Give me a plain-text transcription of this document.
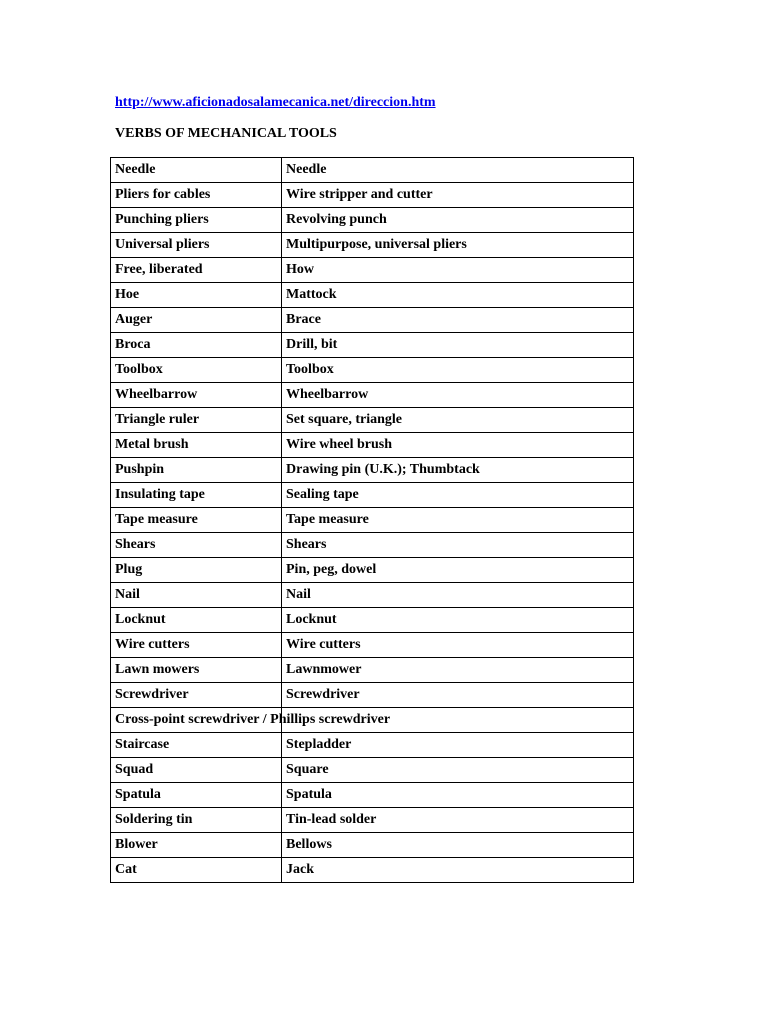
http://www.aficionadosalamecanica.net/direccion.htm
VERBS OF MECHANICAL TOOLS
Needle	Needle
Pliers for cables	Wire stripper and cutter
Punching pliers	Revolving punch
Universal pliers	Multipurpose, universal pliers
Free, liberated	How
Hoe	Mattock
Auger	Brace
Broca	Drill, bit
Toolbox	Toolbox
Wheelbarrow	Wheelbarrow
Triangle ruler	Set square, triangle
Metal brush	Wire wheel brush
Pushpin	Drawing pin (U.K.); Thumbtack
Insulating tape	Sealing tape
Tape measure	Tape measure
Shears	Shears
Plug	Pin, peg, dowel
Nail	Nail
Locknut	Locknut
Wire cutters	Wire cutters
Lawn mowers	Lawnmower
Screwdriver	Screwdriver

Cross-point screwdriver / Phillips screwdriver	

Staircase	Stepladder
Squad	Square
Spatula	Spatula
Soldering tin	Tin-lead solder
Blower	Bellows
Cat	Jack
